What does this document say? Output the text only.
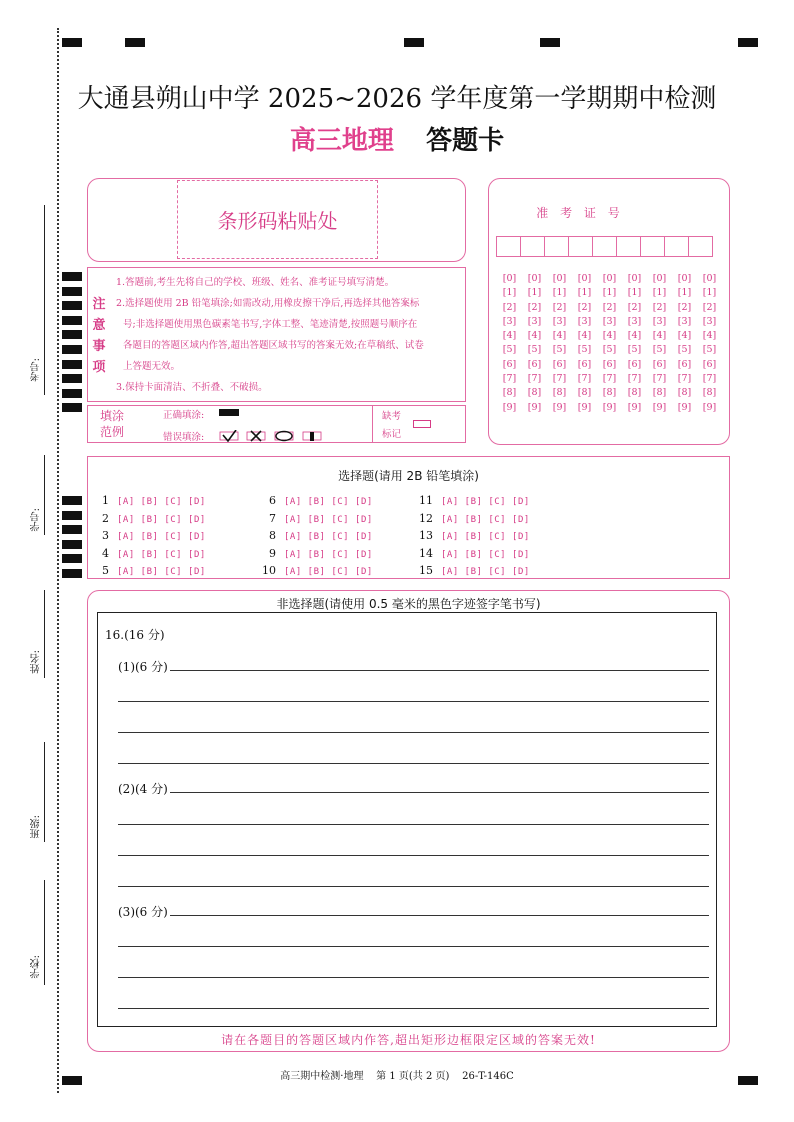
考号:
学号:
姓名:
班级:
学校:
大通县朔山中学 2025~2026 学年度第一学期期中检测
高三地理 答题卡
条形码粘贴处
注
意
事
项
1.答题前,考生先将自己的学校、班级、姓名、准考证号填写清楚。
2.选择题使用 2B 铅笔填涂;如需改动,用橡皮擦干净后,再选择其他答案标
号;非选择题使用黑色碳素笔书写,字体工整、笔迹清楚,按照题号顺序在
各题目的答题区域内作答,超出答题区域书写的答案无效;在草稿纸、试卷
上答题无效。
3.保持卡面清洁、不折叠、不破损。
填涂
范例
正确填涂:
错误填涂:
缺考
标记
准 考 证 号
[0]
[1]
[2]
[3]
[4]
[5]
[6]
[7]
[8]
[9]
[0]
[1]
[2]
[3]
[4]
[5]
[6]
[7]
[8]
[9]
[0]
[1]
[2]
[3]
[4]
[5]
[6]
[7]
[8]
[9]
[0]
[1]
[2]
[3]
[4]
[5]
[6]
[7]
[8]
[9]
[0]
[1]
[2]
[3]
[4]
[5]
[6]
[7]
[8]
[9]
[0]
[1]
[2]
[3]
[4]
[5]
[6]
[7]
[8]
[9]
[0]
[1]
[2]
[3]
[4]
[5]
[6]
[7]
[8]
[9]
[0]
[1]
[2]
[3]
[4]
[5]
[6]
[7]
[8]
[9]
[0]
[1]
[2]
[3]
[4]
[5]
[6]
[7]
[8]
[9]
选择题(请用 2B 铅笔填涂)
1 [A] [B] [C] [D]
2 [A] [B] [C] [D]
3 [A] [B] [C] [D]
4 [A] [B] [C] [D]
5 [A] [B] [C] [D]
6 [A] [B] [C] [D]
7 [A] [B] [C] [D]
8 [A] [B] [C] [D]
9 [A] [B] [C] [D]
10 [A] [B] [C] [D]
11 [A] [B] [C] [D]
12 [A] [B] [C] [D]
13 [A] [B] [C] [D]
14 [A] [B] [C] [D]
15 [A] [B] [C] [D]
非选择题(请使用 0.5 毫米的黑色字迹签字笔书写)
16.(16 分)
(1)(6 分)
(2)(4 分)
(3)(6 分)
请在各题目的答题区域内作答,超出矩形边框限定区域的答案无效!
高三期中检测·地理    第 1 页(共 2 页)    26-T-146C
